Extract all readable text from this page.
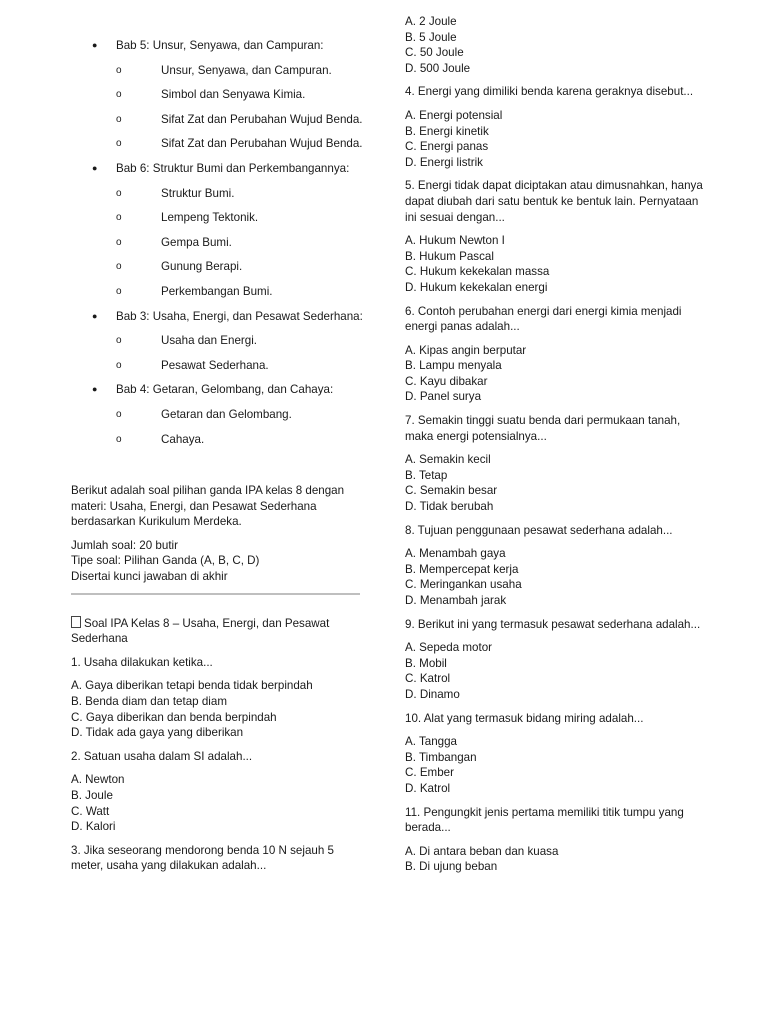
● Bab 5: Unsur, Senyawa, dan Campuran:
o	Unsur, Senyawa, dan Campuran.
o	Simbol dan Senyawa Kimia.
o	Sifat Zat dan Perubahan Wujud Benda.
o	Sifat Zat dan Perubahan Wujud Benda.
● Bab 6: Struktur Bumi dan Perkembangannya:
o	Struktur Bumi.
o	Lempeng Tektonik.
o	Gempa Bumi.
o	Gunung Berapi.
o	Perkembangan Bumi.
● Bab 3: Usaha, Energi, dan Pesawat Sederhana:
o	Usaha dan Energi.
o	Pesawat Sederhana.
● Bab 4: Getaran, Gelombang, dan Cahaya:
o	Getaran dan Gelombang.
o	Cahaya.

Berikut adalah soal pilihan ganda IPA kelas 8 dengan materi: Usaha, Energi, dan Pesawat Sederhana berdasarkan Kurikulum Merdeka.

Jumlah soal: 20 butir
Tipe soal: Pilihan Ganda (A, B, C, D)
Disertai kunci jawaban di akhir
Soal IPA Kelas 8 – Usaha, Energi, dan Pesawat Sederhana
1. Usaha dilakukan ketika...
A. Gaya diberikan tetapi benda tidak berpindah
B. Benda diam dan tetap diam
C. Gaya diberikan dan benda berpindah
D. Tidak ada gaya yang diberikan
2. Satuan usaha dalam SI adalah...
A. Newton
B. Joule
C. Watt
D. Kalori
3. Jika seseorang mendorong benda 10 N sejauh 5 meter, usaha yang dilakukan adalah...
A. 2 Joule
B. 5 Joule
C. 50 Joule
D. 500 Joule
4. Energi yang dimiliki benda karena geraknya disebut...
A. Energi potensial
B. Energi kinetik
C. Energi panas
D. Energi listrik
5. Energi tidak dapat diciptakan atau dimusnahkan, hanya dapat diubah dari satu bentuk ke bentuk lain. Pernyataan ini sesuai dengan...
A. Hukum Newton I
B. Hukum Pascal
C. Hukum kekekalan massa
D. Hukum kekekalan energi
6. Contoh perubahan energi dari energi kimia menjadi energi panas adalah...
A. Kipas angin berputar
B. Lampu menyala
C. Kayu dibakar
D. Panel surya
7. Semakin tinggi suatu benda dari permukaan tanah, maka energi potensialnya...
A. Semakin kecil
B. Tetap
C. Semakin besar
D. Tidak berubah
8. Tujuan penggunaan pesawat sederhana adalah...
A. Menambah gaya
B. Mempercepat kerja
C. Meringankan usaha
D. Menambah jarak
9. Berikut ini yang termasuk pesawat sederhana adalah...
A. Sepeda motor
B. Mobil
C. Katrol
D. Dinamo
10. Alat yang termasuk bidang miring adalah...
A. Tangga
B. Timbangan
C. Ember
D. Katrol
11. Pengungkit jenis pertama memiliki titik tumpu yang berada...
A. Di antara beban dan kuasa
B. Di ujung beban
